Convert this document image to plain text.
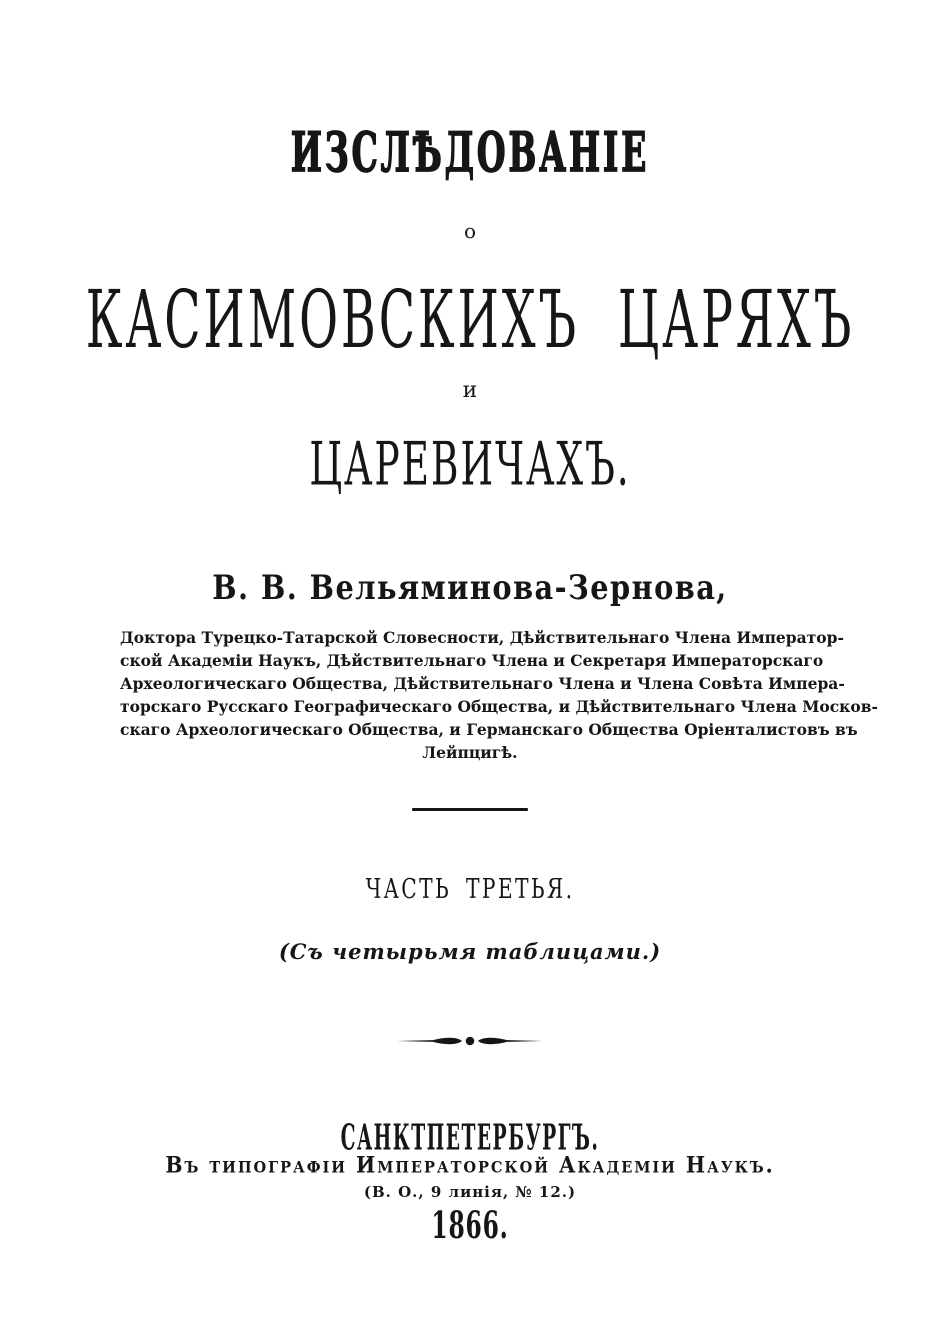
ИЗСЛѢДОВАНІЕ
о
КАСИМОВСКИХЪ ЦАРЯХЪ
и
ЦАРЕВИЧАХЪ.
В. В. Вельяминова-Зернова,
Доктора Турецко-Татарской Словесности, Дѣйствительнаго Члена Император-
ской Академіи Наукъ, Дѣйствительнаго Члена и Секретаря Императорскаго
Археологическаго Общества, Дѣйствительнаго Члена и Члена Совѣта Импера-
торскаго Русскаго Географическаго Общества, и Дѣйствительнаго Члена Москов-
скаго Археологическаго Общества, и Германскаго Общества Оріенталистовъ въ
Лейпцигѣ.
ЧАСТЬ ТРЕТЬЯ.
(Съ четырьмя таблицами.)
САНКТПЕТЕРБУРГЪ.
Въ типографіи Императорской Академіи Наукъ.
(В. О., 9 линія, № 12.)
1866.
